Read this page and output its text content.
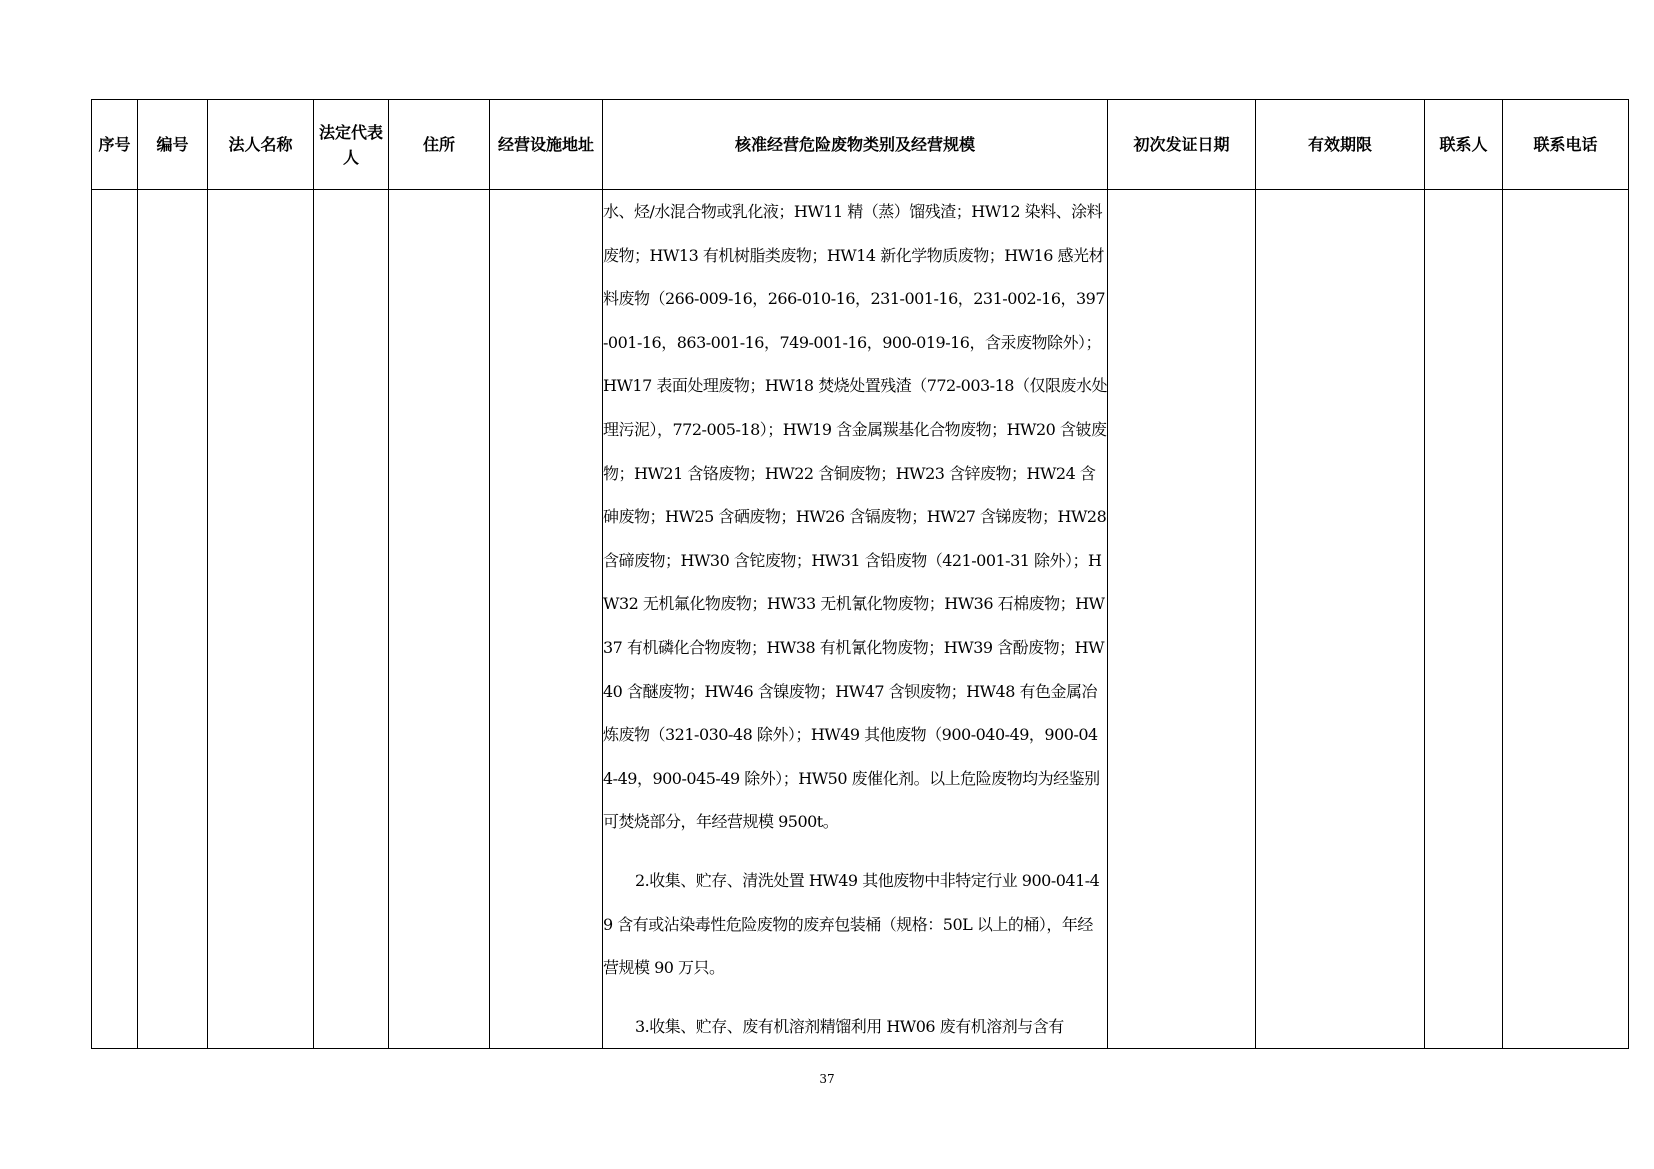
序号	编号	法人名称	法定代表人	住所	经营设施地址	核准经营危险废物类别及经营规模	初次发证日期	有效期限	联系人	联系电话

						水、烃/水混合物或乳化液；HW11 精（蒸）馏残渣；HW12 染料、涂料废物；HW13 有机树脂类废物；HW14 新化学物质废物；HW16 感光材料废物（266-009-16，266-010-16，231-001-16，231-002-16，397-001-16，863-001-16，749-001-16，900-019-16，含汞废物除外）；HW17 表面处理废物；HW18 焚烧处置残渣（772-003-18（仅限废水处理污泥），772-005-18）；HW19 含金属羰基化合物废物；HW20 含铍废物；HW21 含铬废物；HW22 含铜废物；HW23 含锌废物；HW24 含砷废物；HW25 含硒废物；HW26 含镉废物；HW27 含锑废物；HW28 含碲废物；HW30 含铊废物；HW31 含铅废物（421-001-31 除外）；HW32 无机氟化物废物；HW33 无机氰化物废物；HW36 石棉废物；HW37 有机磷化合物废物；HW38 有机氰化物废物；HW39 含酚废物；HW40 含醚废物；HW46 含镍废物；HW47 含钡废物；HW48 有色金属冶炼废物（321-030-48 除外）；HW49 其他废物（900-040-49，900-044-49，900-045-49 除外）；HW50 废催化剂。以上危险废物均为经鉴别可焚烧部分，年经营规模 9500t。

2.收集、贮存、清洗处置 HW49 其他废物中非特定行业 900-041-49 含有或沾染毒性危险废物的废弃包装桶（规格：50L 以上的桶），年经营规模 90 万只。

3.收集、贮存、废有机溶剂精馏利用 HW06 废有机溶剂与含有				

37
